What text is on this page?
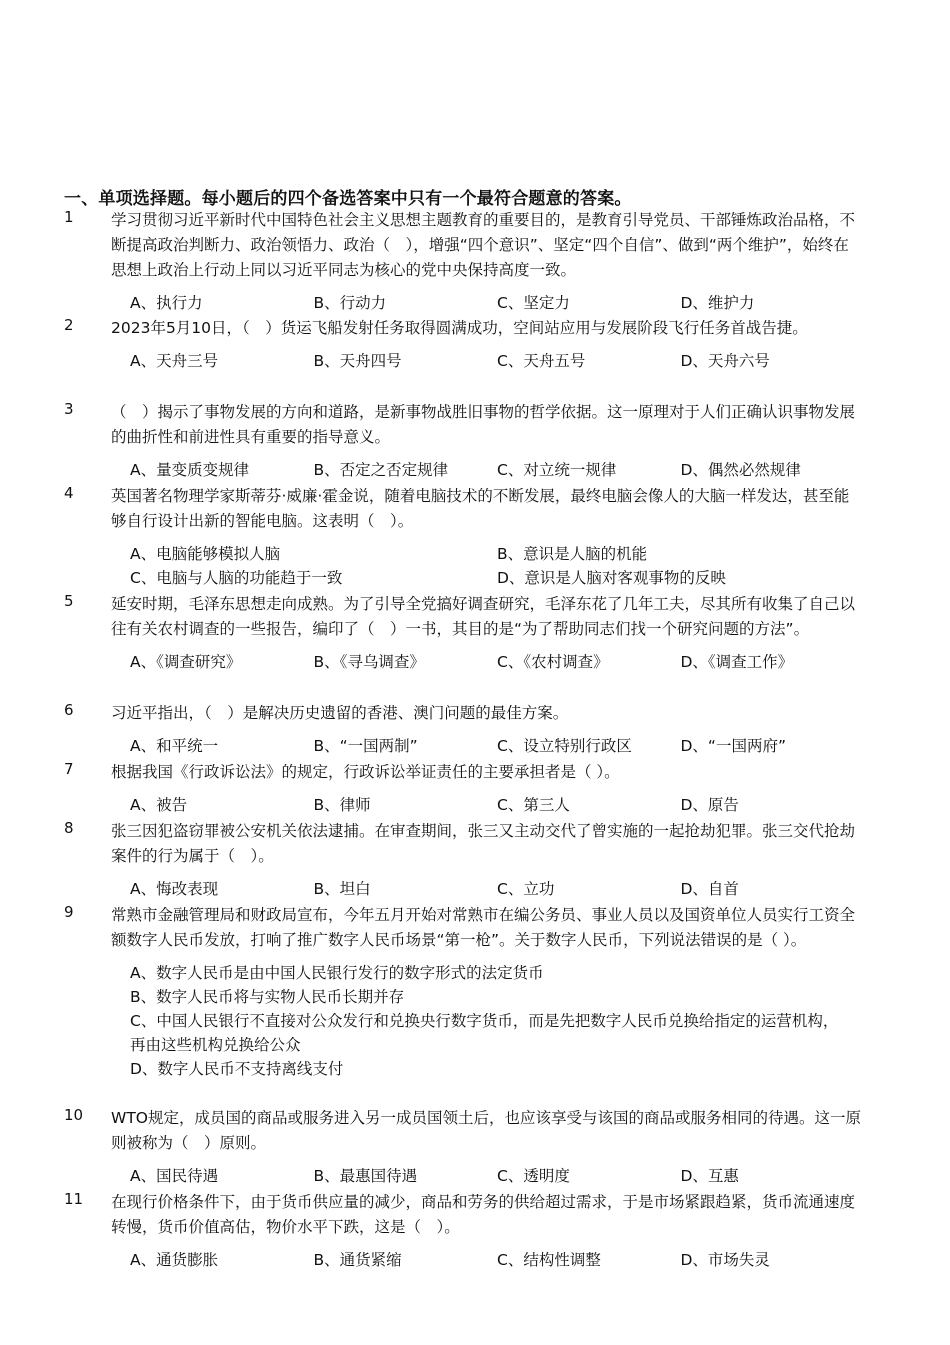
一、单项选择题。每小题后的四个备选答案中只有一个最符合题意的答案。
1 学习贯彻习近平新时代中国特色社会主义思想主题教育的重要目的，是教育引导党员、干部锤炼政治品格，不断提高政治判断力、政治领悟力、政治（　），增强“四个意识”、坚定“四个自信”、做到“两个维护”，始终在思想上政治上行动上同以习近平同志为核心的党中央保持高度一致。
A、执行力	B、行动力	C、坚定力	D、维护力
2 2023年5月10日，（　）货运飞船发射任务取得圆满成功，空间站应用与发展阶段飞行任务首战告捷。
A、天舟三号	B、天舟四号	C、天舟五号	D、天舟六号
3 （　）揭示了事物发展的方向和道路，是新事物战胜旧事物的哲学依据。这一原理对于人们正确认识事物发展的曲折性和前进性具有重要的指导意义。
A、量变质变规律	B、否定之否定规律	C、对立统一规律	D、偶然必然规律
4 英国著名物理学家斯蒂芬·威廉·霍金说，随着电脑技术的不断发展，最终电脑会像人的大脑一样发达，甚至能够自行设计出新的智能电脑。这表明（　）。
A、电脑能够模拟人脑	B、意识是人脑的机能
C、电脑与人脑的功能趋于一致	D、意识是人脑对客观事物的反映
5 延安时期，毛泽东思想走向成熟。为了引导全党搞好调查研究，毛泽东花了几年工夫，尽其所有收集了自己以往有关农村调查的一些报告，编印了（　）一书，其目的是“为了帮助同志们找一个研究问题的方法”。
A、《调查研究》	B、《寻乌调查》	C、《农村调查》	D、《调查工作》
6 习近平指出，（　）是解决历史遗留的香港、澳门问题的最佳方案。
A、和平统一	B、“一国两制”	C、设立特别行政区	D、“一国两府”
7 根据我国《行政诉讼法》的规定，行政诉讼举证责任的主要承担者是（ ）。
A、被告	B、律师	C、第三人	D、原告
8 张三因犯盗窃罪被公安机关依法逮捕。在审查期间，张三又主动交代了曾实施的一起抢劫犯罪。张三交代抢劫案件的行为属于（　）。
A、悔改表现	B、坦白	C、立功	D、自首
9 常熟市金融管理局和财政局宣布，今年五月开始对常熟市在编公务员、事业人员以及国资单位人员实行工资全额数字人民币发放，打响了推广数字人民币场景“第一枪”。关于数字人民币，下列说法错误的是（ ）。
A、数字人民币是由中国人民银行发行的数字形式的法定货币
B、数字人民币将与实物人民币长期并存
C、中国人民银行不直接对公众发行和兑换央行数字货币，而是先把数字人民币兑换给指定的运营机构，再由这些机构兑换给公众
D、数字人民币不支持离线支付
10 WTO规定，成员国的商品或服务进入另一成员国领土后，也应该享受与该国的商品或服务相同的待遇。这一原则被称为（　）原则。
A、国民待遇	B、最惠国待遇	C、透明度	D、互惠
11 在现行价格条件下，由于货币供应量的减少，商品和劳务的供给超过需求，于是市场紧跟趋紧，货币流通速度转慢，货币价值高估，物价水平下跌，这是（　）。
A、通货膨胀	B、通货紧缩	C、结构性调整	D、市场失灵
